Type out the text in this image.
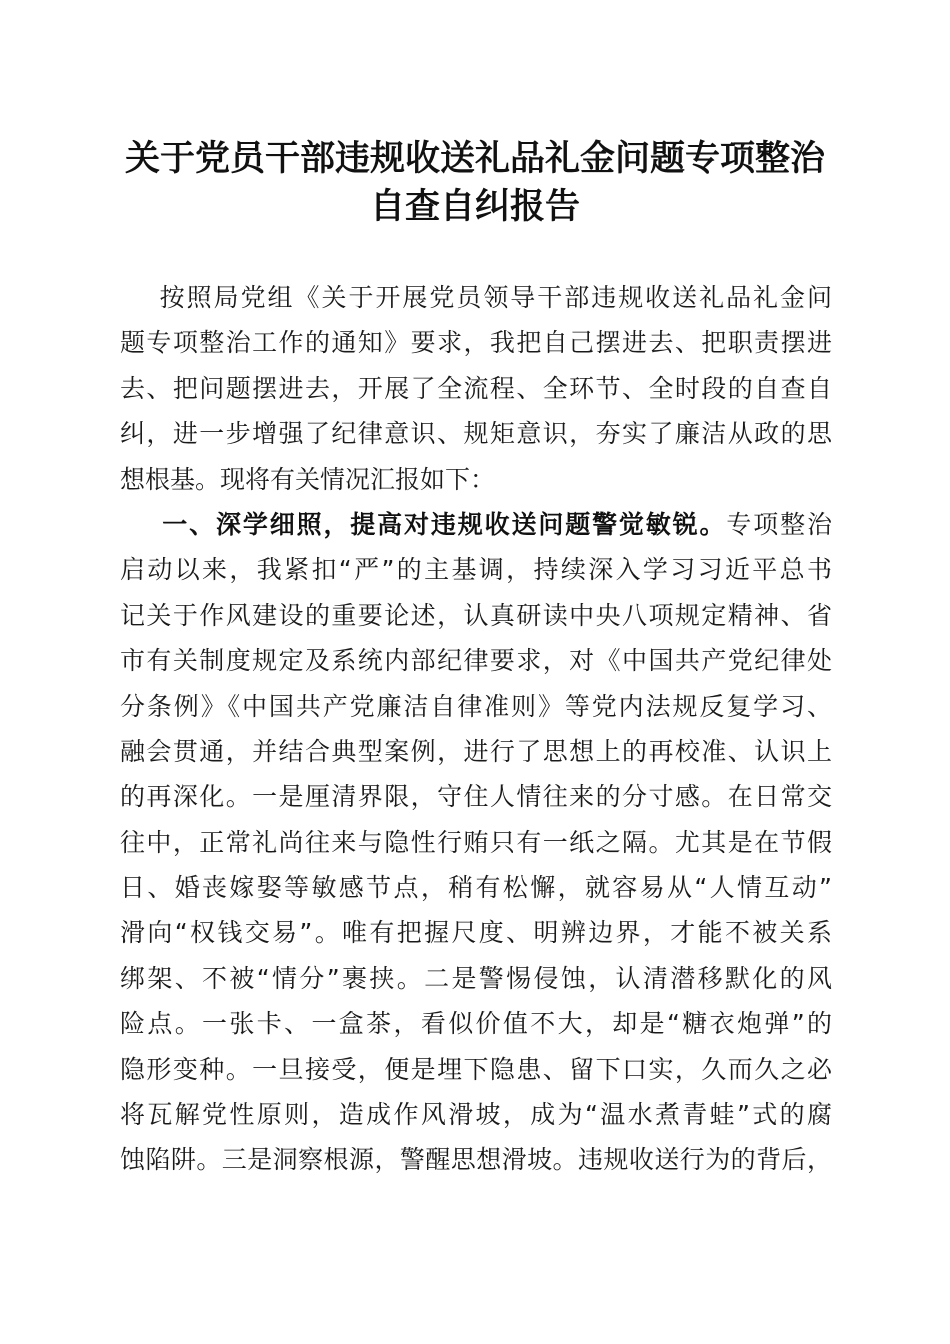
关于党员干部违规收送礼品礼金问题专项整治
自查自纠报告
按照局党组《关于开展党员领导干部违规收送礼品礼金问
题专项整治工作的通知》要求，我把自己摆进去、把职责摆进
去、把问题摆进去，开展了全流程、全环节、全时段的自查自
纠，进一步增强了纪律意识、规矩意识，夯实了廉洁从政的思
想根基。现将有关情况汇报如下：
一、深学细照，提高对违规收送问题警觉敏锐。专项整治
启动以来，我紧扣“严”的主基调，持续深入学习习近平总书
记关于作风建设的重要论述，认真研读中央八项规定精神、省
市有关制度规定及系统内部纪律要求，对《中国共产党纪律处
分条例》《中国共产党廉洁自律准则》等党内法规反复学习、
融会贯通，并结合典型案例，进行了思想上的再校准、认识上
的再深化。一是厘清界限，守住人情往来的分寸感。在日常交
往中，正常礼尚往来与隐性行贿只有一纸之隔。尤其是在节假
日、婚丧嫁娶等敏感节点，稍有松懈，就容易从“人情互动”
滑向“权钱交易”。唯有把握尺度、明辨边界，才能不被关系
绑架、不被“情分”裹挟。二是警惕侵蚀，认清潜移默化的风
险点。一张卡、一盒茶，看似价值不大，却是“糖衣炮弹”的
隐形变种。一旦接受，便是埋下隐患、留下口实，久而久之必
将瓦解党性原则，造成作风滑坡，成为“温水煮青蛙”式的腐
蚀陷阱。三是洞察根源，警醒思想滑坡。违规收送行为的背后，
